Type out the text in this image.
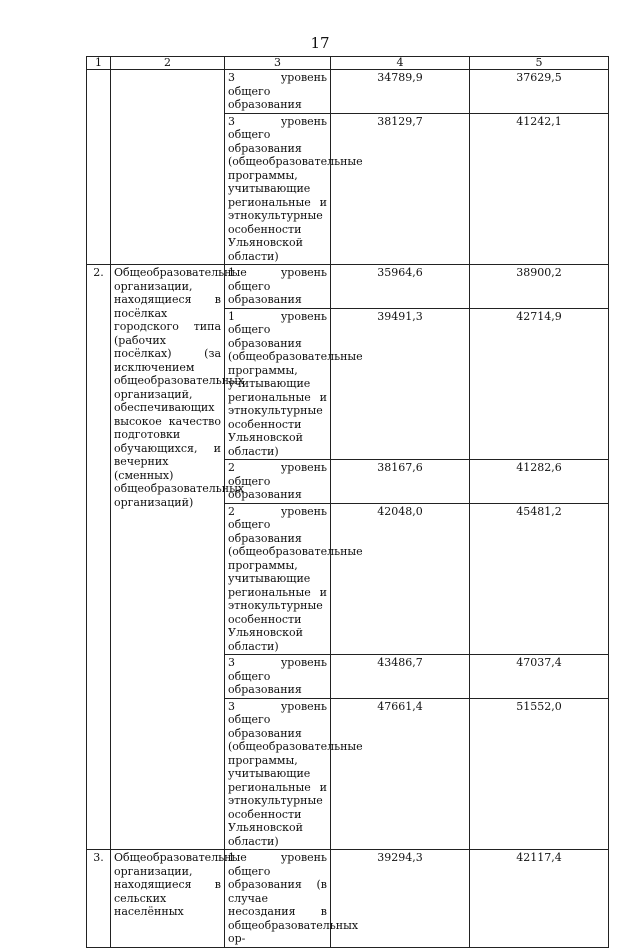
17
1	2	3	4	5
		3 уровень общего образования	34789,9	37629,5
		3 уровень общего образования (общеобразовательные программы, учитывающие региональные и этнокультурные особенности Ульяновской области)	38129,7	41242,1
2.	Общеобразовательные организации, находящиеся в посёлках городского типа (рабочих посёлках) (за исключением общеобразовательных организаций, обеспечивающих высокое качество подготовки обучающихся, и вечерних (сменных) общеобразовательных организаций)	1 уровень общего образования	35964,6	38900,2
		1 уровень общего образования (общеобразовательные программы, учитывающие региональные и этнокультурные особенности Ульяновской области)	39491,3	42714,9
		2 уровень общего образования	38167,6	41282,6
		2 уровень общего образования (общеобразовательные программы, учитывающие региональные и этнокультурные особенности Ульяновской области)	42048,0	45481,2
		3 уровень общего образования	43486,7	47037,4
		3 уровень общего образования (общеобразовательные программы, учитывающие региональные и этнокультурные особенности Ульяновской области)	47661,4	51552,0
3.	Общеобразовательные организации, находящиеся в сельских населённых	1 уровень общего образования (в случае несоздания в общеобразовательных ор-	39294,3	42117,4
